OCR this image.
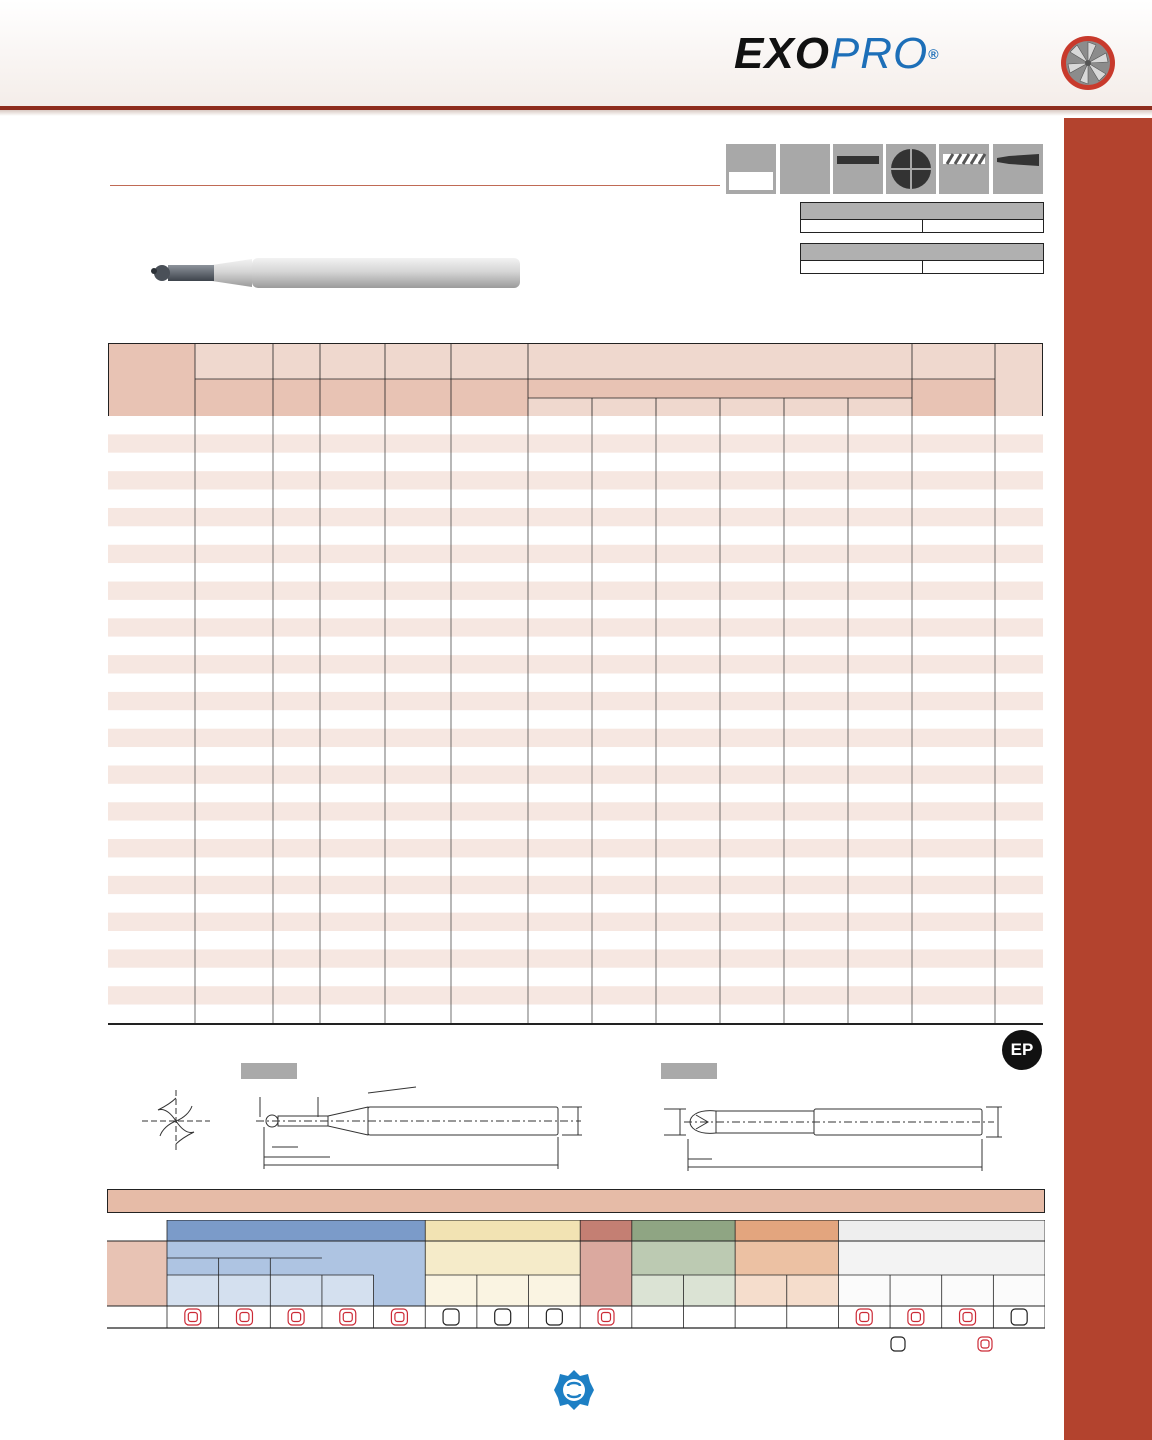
EXOPRO®
EP
